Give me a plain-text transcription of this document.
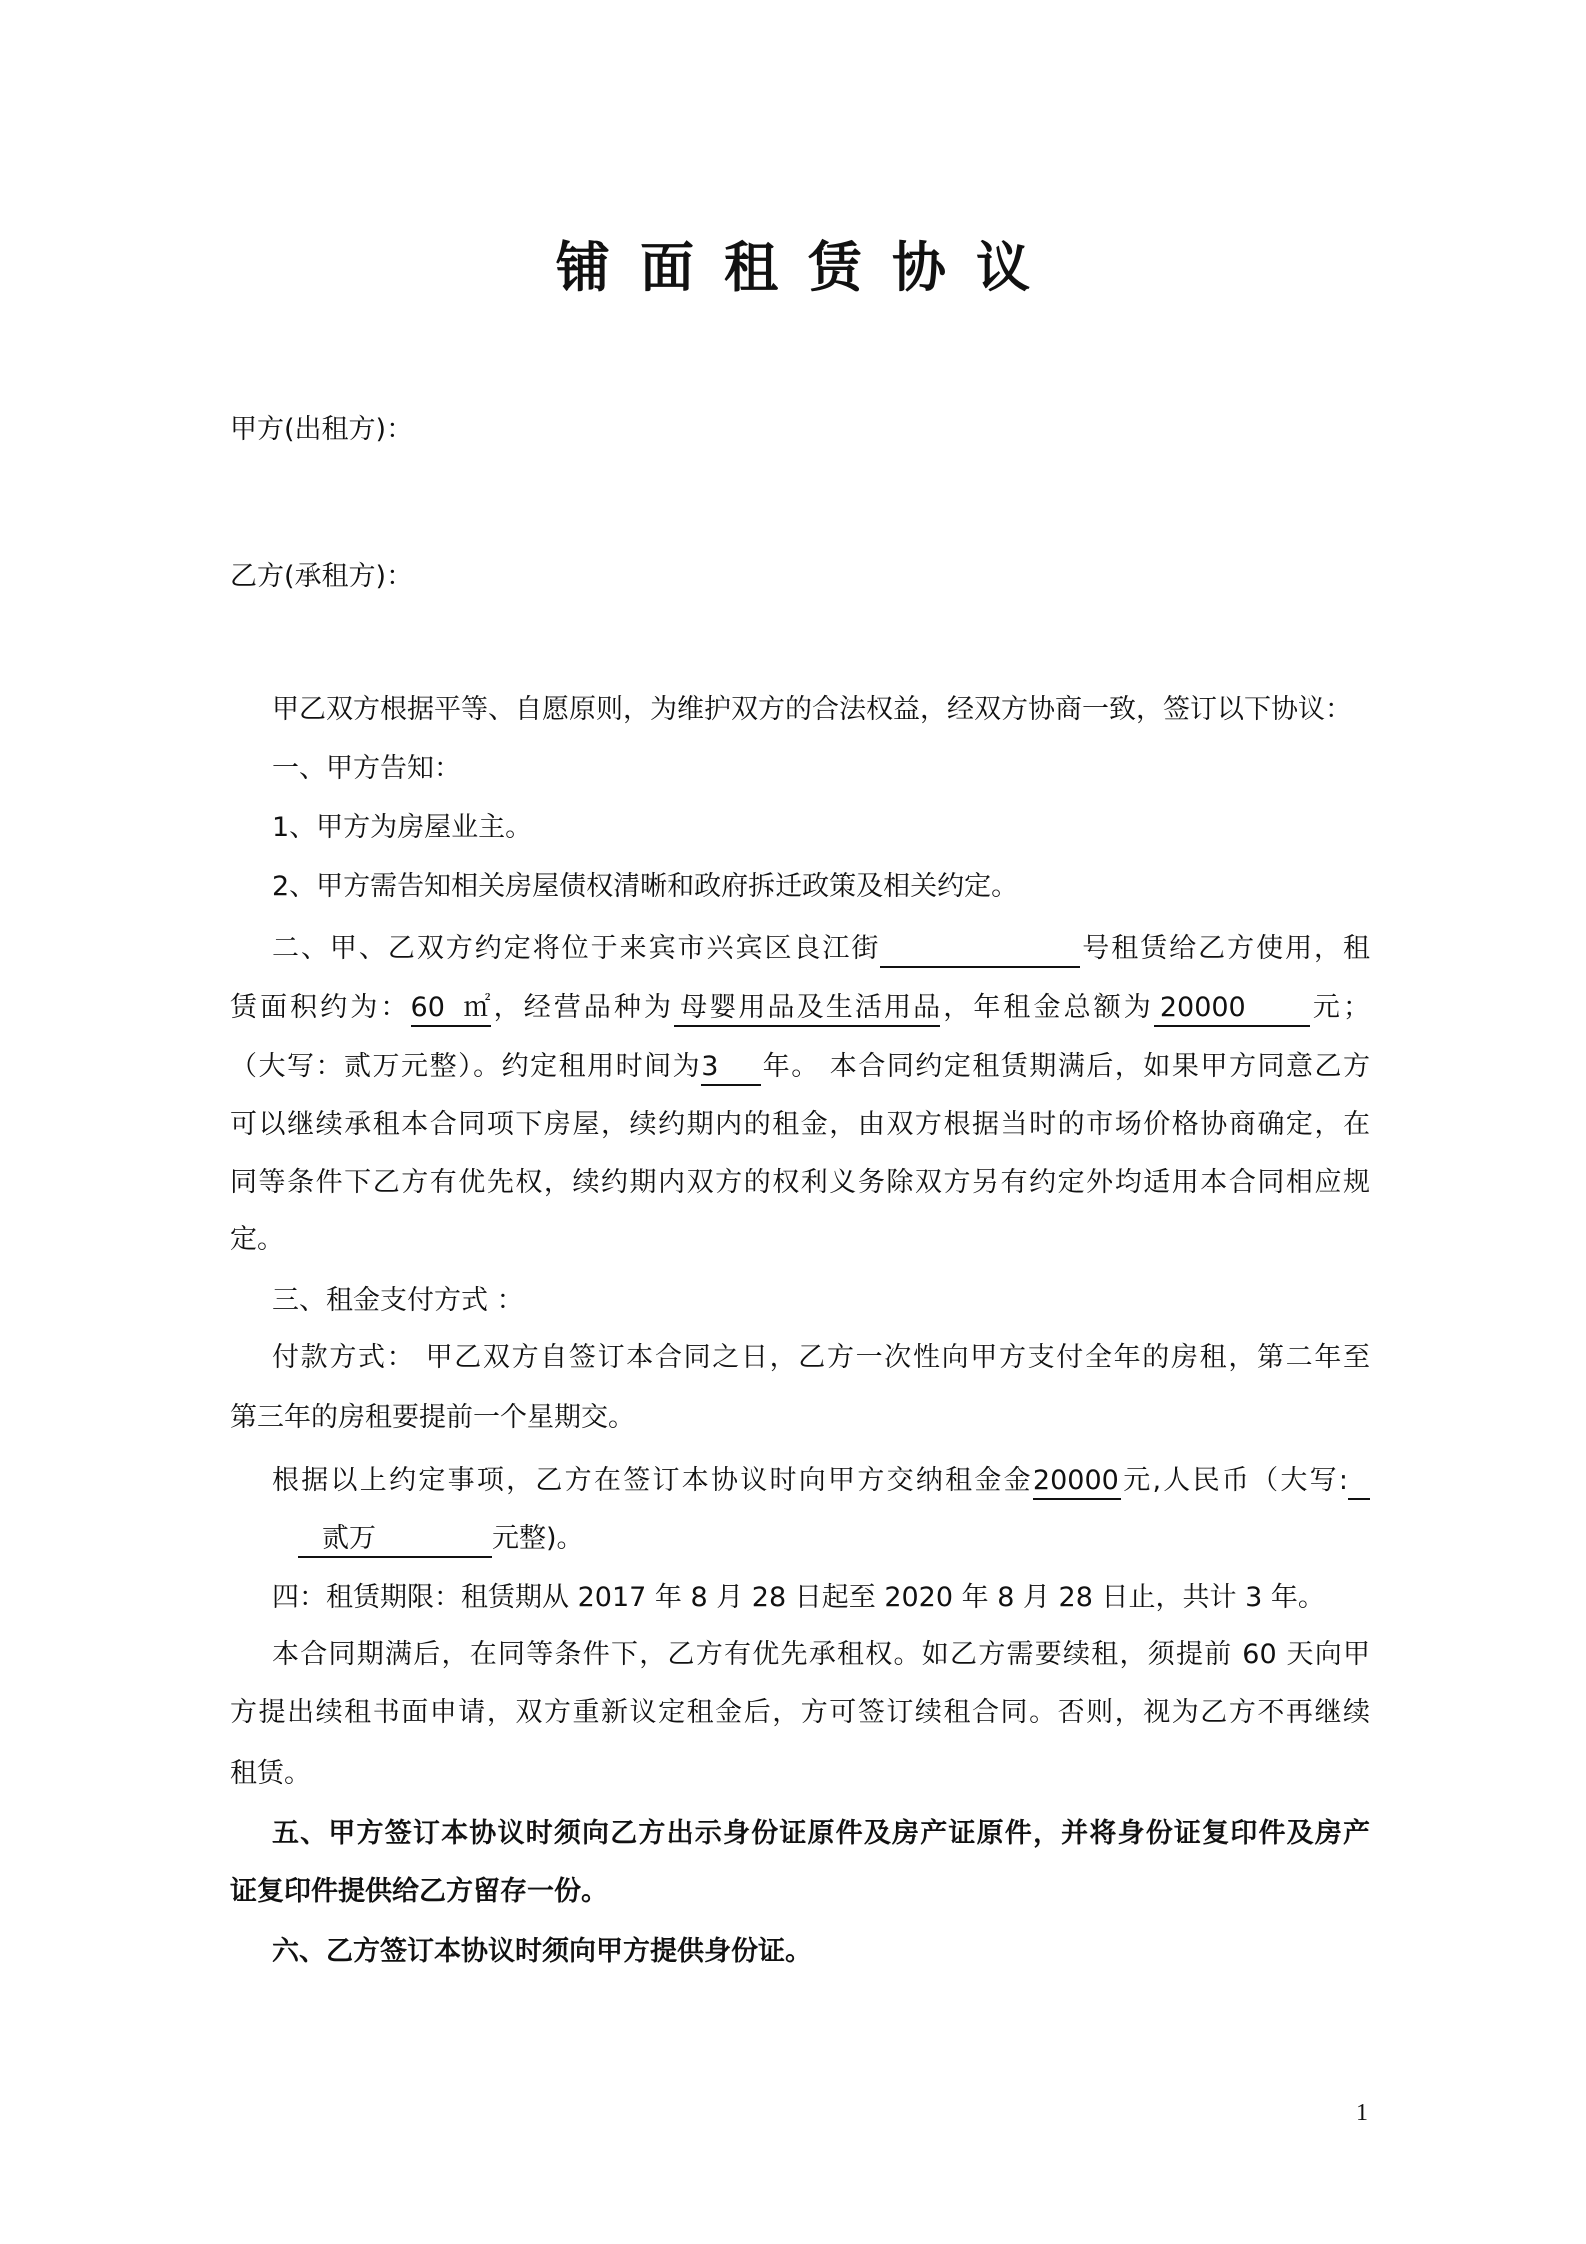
铺面租赁协议
甲方(出租方)：
乙方(承租方)：
甲乙双方根据平等、自愿原则，为维护双方的合法权益，经双方协商一致，签订以下协议：
一、甲方告知：
1、甲方为房屋业主。
2、甲方需告知相关房屋债权清晰和政府拆迁政策及相关约定。
二、甲、乙双方约定将位于来宾市兴宾区良江街	号租赁给乙方使用，租
赁面积约为：60 ㎡，经营品种为 母婴用品及生活用品，年租金总额为 20000 元；
（大写：贰万元整）。约定租用时间为3 年。 本合同约定租赁期满后，如果甲方同意乙方
可以继续承租本合同项下房屋，续约期内的租金，由双方根据当时的市场价格协商确定，在
同等条件下乙方有优先权，续约期内双方的权利义务除双方另有约定外均适用本合同相应规
定。
三、租金支付方式 ：
付款方式： 甲乙双方自签订本合同之日，乙方一次性向甲方支付全年的房租，第二年至
第三年的房租要提前一个星期交。
根据以上约定事项，乙方在签订本协议时向甲方交纳租金金20000元,人民币（大写:
贰万	元整)。
四：租赁期限：租赁期从 2017 年 8 月 28 日起至 2020 年 8 月 28 日止，共计 3 年。
本合同期满后，在同等条件下，乙方有优先承租权。如乙方需要续租，须提前 60 天向甲
方提出续租书面申请，双方重新议定租金后，方可签订续租合同。否则，视为乙方不再继续
租赁。
五、甲方签订本协议时须向乙方出示身份证原件及房产证原件，并将身份证复印件及房产
证复印件提供给乙方留存一份。
六、乙方签订本协议时须向甲方提供身份证。
1
